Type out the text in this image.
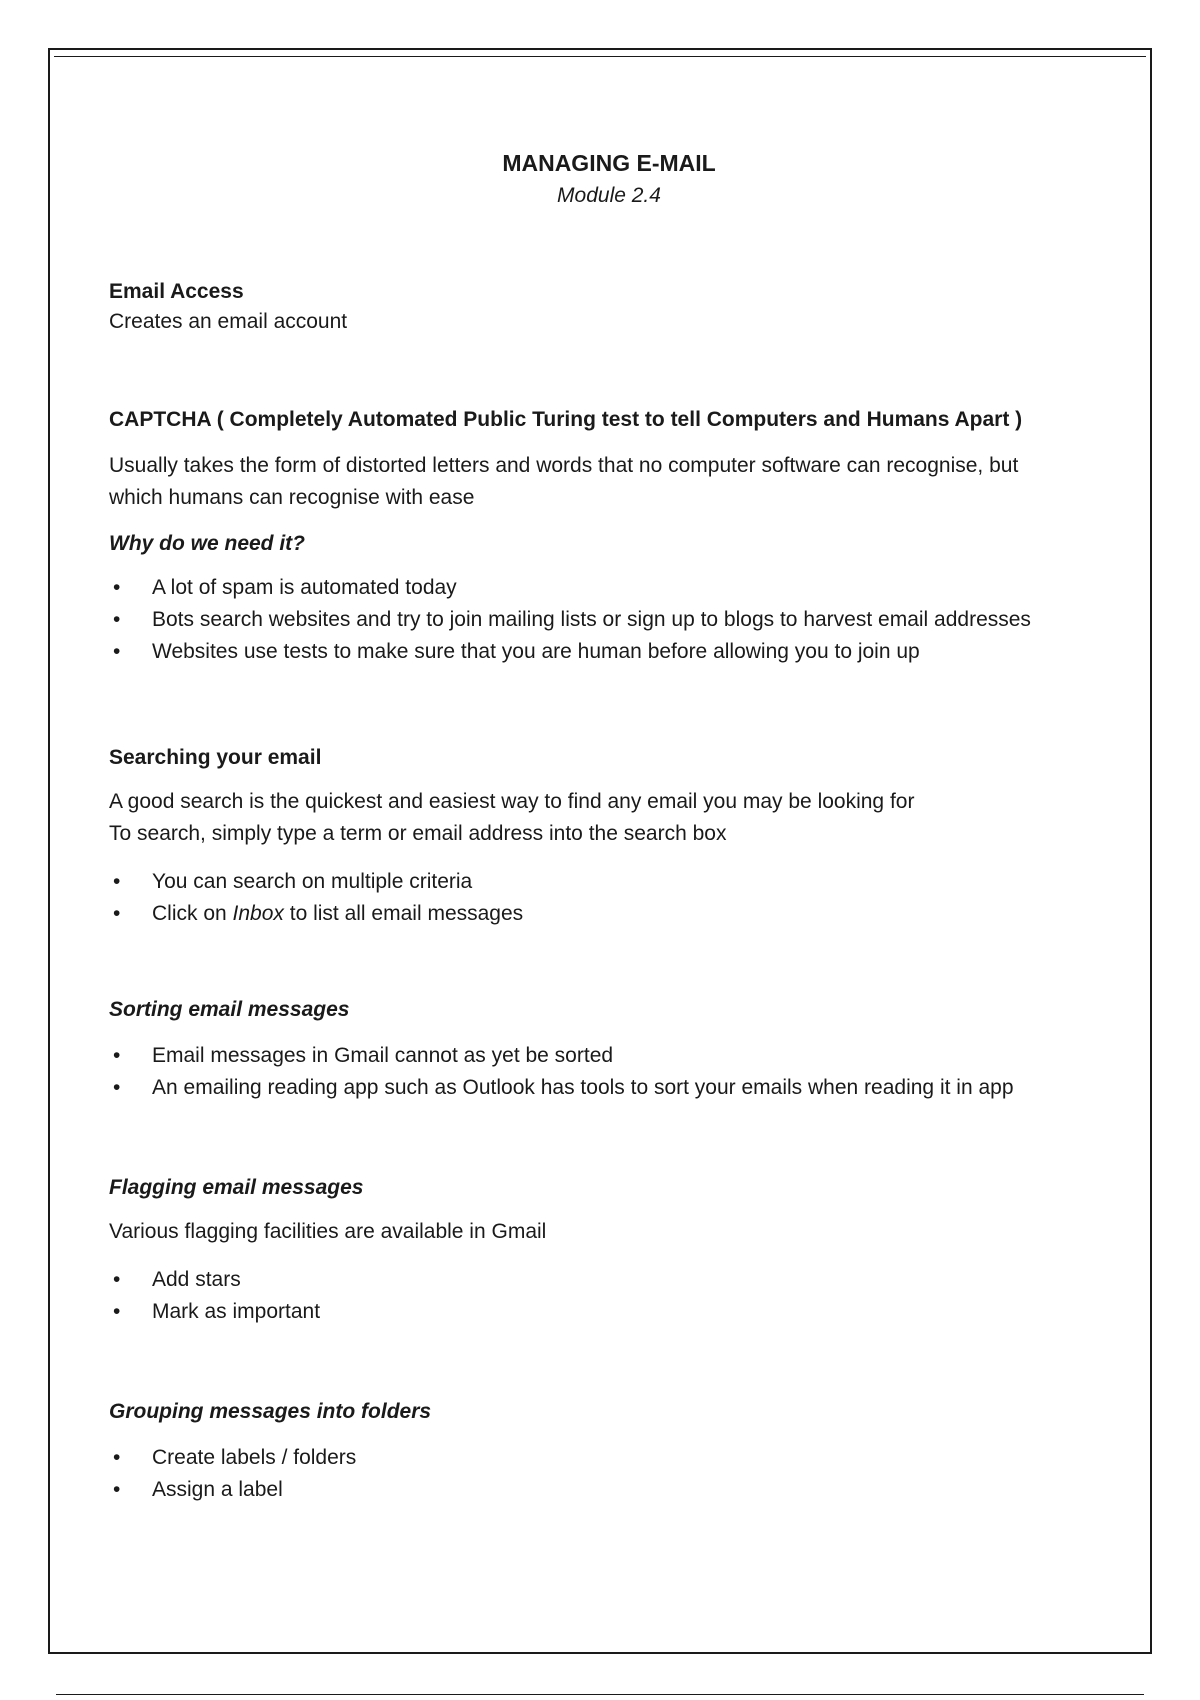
MANAGING E-MAIL
Module 2.4

Email Access

Creates an email account

CAPTCHA ( Completely Automated Public Turing test to tell Computers and Humans Apart )

Usually takes the form of distorted letters and words that no computer software can recognise, but

which humans can recognise with ease

Why do we need it?

• A lot of spam is automated today
• Bots search websites and try to join mailing lists or sign up to blogs to harvest email addresses
• Websites use tests to make sure that you are human before allowing you to join up

Searching your email

A good search is the quickest and easiest way to find any email you may be looking for

To search, simply type a term or email address into the search box

• You can search on multiple criteria
• Click on Inbox to list all email messages

Sorting email messages

• Email messages in Gmail cannot as yet be sorted
• An emailing reading app such as Outlook has tools to sort your emails when reading it in app

Flagging email messages

Various flagging facilities are available in Gmail

• Add stars
• Mark as important

Grouping messages into folders

• Create labels / folders
• Assign a label
